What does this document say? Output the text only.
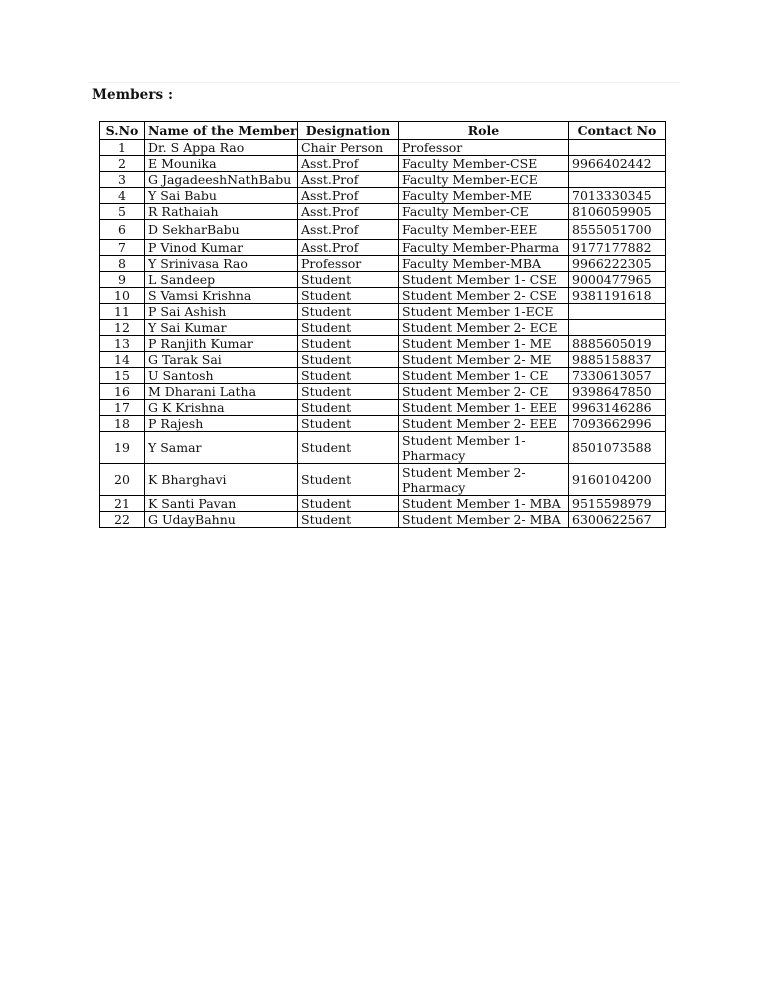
Members :
S.No	Name of the Member	Designation	Role	Contact No
1	Dr. S Appa Rao	Chair Person	Professor	
2	E Mounika	Asst.Prof	Faculty Member-CSE	9966402442
3	G JagadeeshNathBabu	Asst.Prof	Faculty Member-ECE	
4	Y Sai Babu	Asst.Prof	Faculty Member-ME	7013330345
5	R Rathaiah	Asst.Prof	Faculty Member-CE	8106059905
6	D SekharBabu	Asst.Prof	Faculty Member-EEE	8555051700
7	P Vinod Kumar	Asst.Prof	Faculty Member-Pharma	9177177882
8	Y Srinivasa Rao	Professor	Faculty Member-MBA	9966222305
9	L Sandeep	Student	Student Member 1- CSE	9000477965
10	S Vamsi Krishna	Student	Student Member 2- CSE	9381191618
11	P Sai Ashish	Student	Student Member 1-ECE	
12	Y Sai Kumar	Student	Student Member 2- ECE	
13	P Ranjith Kumar	Student	Student Member 1- ME	8885605019
14	G Tarak Sai	Student	Student Member 2- ME	9885158837
15	U Santosh	Student	Student Member 1- CE	7330613057
16	M Dharani Latha	Student	Student Member 2- CE	9398647850
17	G K Krishna	Student	Student Member 1- EEE	9963146286
18	P Rajesh	Student	Student Member 2- EEE	7093662996
19	Y Samar	Student	Student Member 1- Pharmacy	8501073588
20	K Bharghavi	Student	Student Member 2- Pharmacy	9160104200
21	K Santi Pavan	Student	Student Member 1- MBA	9515598979
22	G UdayBahnu	Student	Student Member 2- MBA	6300622567
